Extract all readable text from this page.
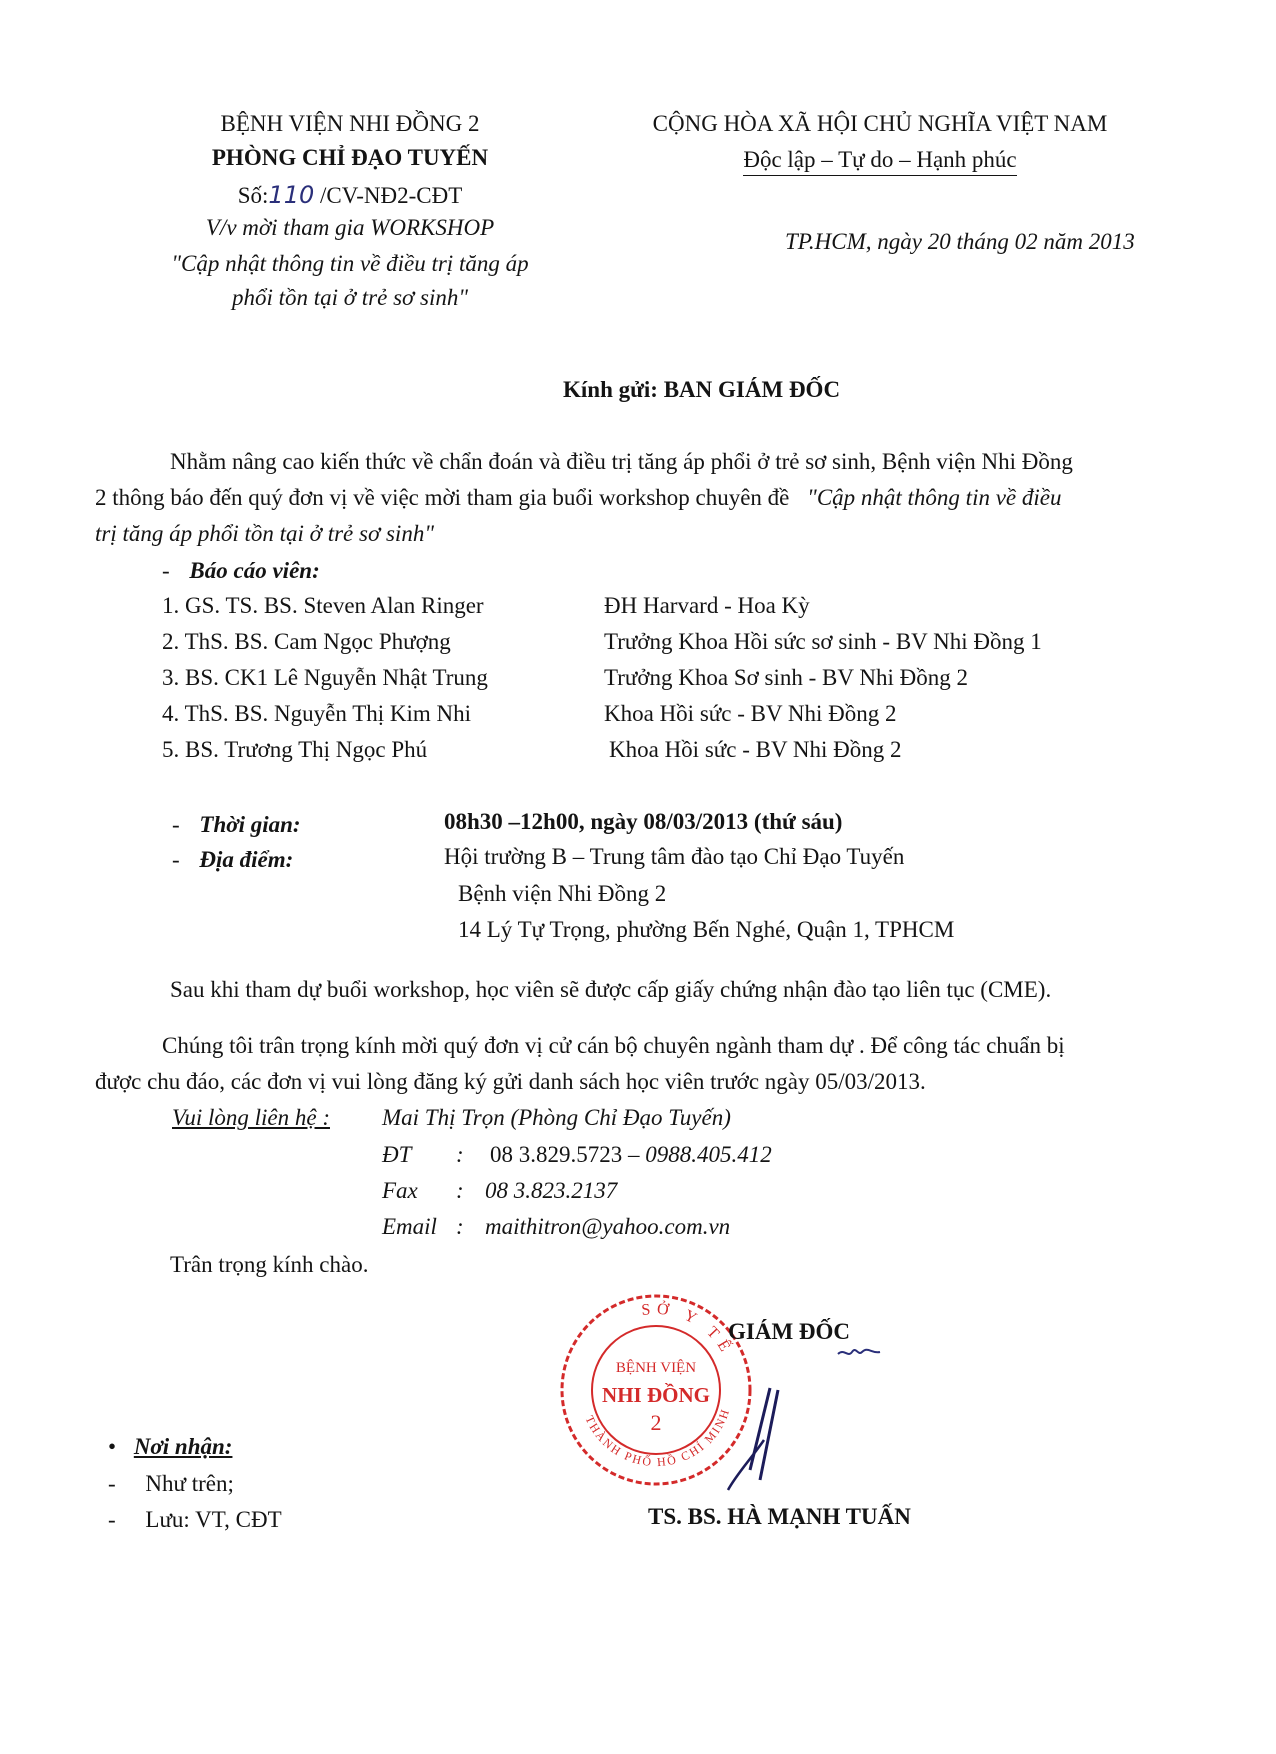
BỆNH VIỆN NHI ĐỒNG 2
PHÒNG CHỈ ĐẠO TUYẾN
Số:110 /CV-NĐ2-CĐT
V/v mời tham gia WORKSHOP
"Cập nhật thông tin về điều trị tăng áp
phổi tồn tại ở trẻ sơ sinh"
CỘNG HÒA XÃ HỘI CHỦ NGHĨA VIỆT NAM
Độc lập – Tự do – Hạnh phúc
TP.HCM, ngày 20 tháng 02 năm 2013
Kính gửi: BAN GIÁM ĐỐC
Nhằm nâng cao kiến thức về chẩn đoán và điều trị tăng áp phổi ở trẻ sơ sinh, Bệnh viện Nhi Đồng
2 thông báo đến quý đơn vị về việc mời tham gia buổi workshop chuyên đề "Cập nhật thông tin về điều
trị tăng áp phổi tồn tại ở trẻ sơ sinh"
- Báo cáo viên:
1. GS. TS. BS. Steven Alan Ringer	ĐH Harvard - Hoa Kỳ
2. ThS. BS. Cam Ngọc Phượng	Trưởng Khoa Hồi sức sơ sinh - BV Nhi Đồng 1
3. BS. CK1 Lê Nguyễn Nhật Trung	Trưởng Khoa Sơ sinh - BV Nhi Đồng 2
4. ThS. BS. Nguyễn Thị Kim Nhi	Khoa Hồi sức - BV Nhi Đồng 2
5. BS. Trương Thị Ngọc Phú	Khoa Hồi sức - BV Nhi Đồng 2
- Thời gian:	08h30 –12h00, ngày 08/03/2013 (thứ sáu)
- Địa điểm:	Hội trường B – Trung tâm đào tạo Chỉ Đạo Tuyến
Bệnh viện Nhi Đồng 2
14 Lý Tự Trọng, phường Bến Nghé, Quận 1, TPHCM
Sau khi tham dự buổi workshop, học viên sẽ được cấp giấy chứng nhận đào tạo liên tục (CME).
Chúng tôi trân trọng kính mời quý đơn vị cử cán bộ chuyên ngành tham dự . Để công tác chuẩn bị
được chu đáo, các đơn vị vui lòng đăng ký gửi danh sách học viên trước ngày 05/03/2013.
Vui lòng liên hệ : Mai Thị Trọn (Phòng Chỉ Đạo Tuyến)
ĐT : 08 3.829.5723 – 0988.405.412
Fax : 08 3.823.2137
Email : maithitron@yahoo.com.vn
Trân trọng kính chào.
SỞ Y TẾ
THÀNH PHỐ HỒ CHÍ MINH
BỆNH VIỆN
NHI ĐỒNG
2
GIÁM ĐỐC
TS. BS. HÀ MẠNH TUẤN
• Nơi nhận:
- Như trên;
- Lưu: VT, CĐT
